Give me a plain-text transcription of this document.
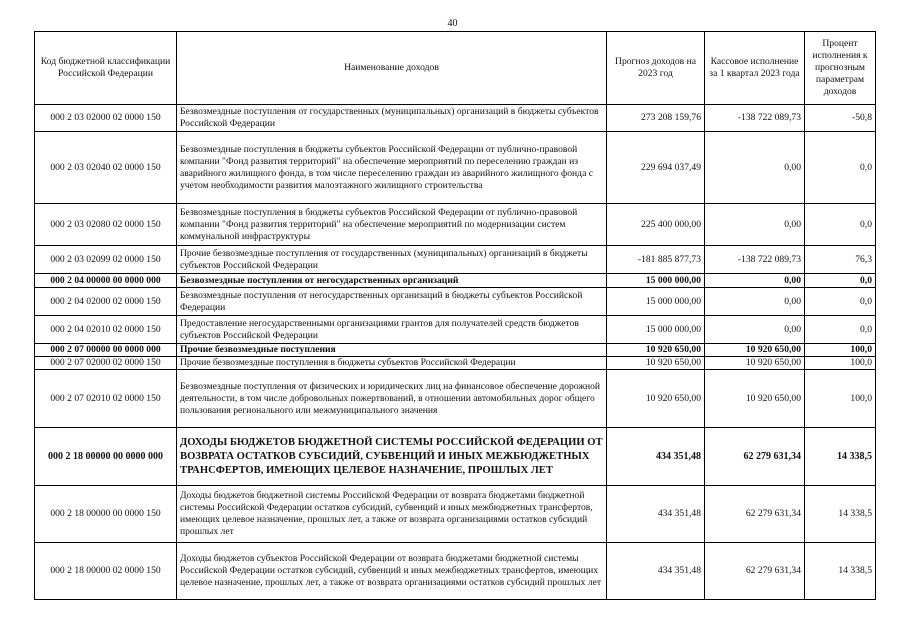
40
Код бюджетной классификации Российской Федерации	Наименование доходов	Прогноз доходов на 2023 год	Кассовое исполнение за 1 квартал 2023 года	Процент исполнения к прогнозным параметрам доходов
000 2 03 02000 02 0000 150	Безвозмездные поступления от государственных (муниципальных) организаций в бюджеты субъектов Российской Федерации	273 208 159,76	-138 722 089,73	-50,8
000 2 03 02040 02 0000 150	Безвозмездные поступления в бюджеты субъектов Российской Федерации от публично-правовой компании "Фонд развития территорий" на обеспечение мероприятий по переселению граждан из аварийного жилищного фонда, в том числе переселению граждан из аварийного жилищного фонда с учетом необходимости развития малоэтажного жилищного строительства	229 694 037,49	0,00	0,0
000 2 03 02080 02 0000 150	Безвозмездные поступления в бюджеты субъектов Российской Федерации от публично-правовой компании "Фонд развития территорий" на обеспечение мероприятий по модернизации систем коммунальной инфраструктуры	225 400 000,00	0,00	0,0
000 2 03 02099 02 0000 150	Прочие безвозмездные поступления от государственных (муниципальных) организаций в бюджеты субъектов Российской Федерации	-181 885 877,73	-138 722 089,73	76,3
000 2 04 00000 00 0000 000	Безвозмездные поступления от негосударственных организаций	15 000 000,00	0,00	0,0
000 2 04 02000 02 0000 150	Безвозмездные поступления от негосударственных организаций в бюджеты субъектов Российской Федерации	15 000 000,00	0,00	0,0
000 2 04 02010 02 0000 150	Предоставление негосударственными организациями грантов для получателей средств бюджетов субъектов Российской Федерации	15 000 000,00	0,00	0,0
000 2 07 00000 00 0000 000	Прочие безвозмездные поступления	10 920 650,00	10 920 650,00	100,0
000 2 07 02000 02 0000 150	Прочие безвозмездные поступления в бюджеты субъектов Российской Федерации	10 920 650,00	10 920 650,00	100,0
000 2 07 02010 02 0000 150	Безвозмездные поступления от физических и юридических лиц на финансовое обеспечение дорожной деятельности, в том числе добровольных пожертвований, в отношении автомобильных дорог общего пользования регионального или межмуниципального значения	10 920 650,00	10 920 650,00	100,0
000 2 18 00000 00 0000 000	ДОХОДЫ БЮДЖЕТОВ БЮДЖЕТНОЙ СИСТЕМЫ РОССИЙСКОЙ ФЕДЕРАЦИИ ОТ ВОЗВРАТА ОСТАТКОВ СУБСИДИЙ, СУБВЕНЦИЙ И ИНЫХ МЕЖБЮДЖЕТНЫХ ТРАНСФЕРТОВ, ИМЕЮЩИХ ЦЕЛЕВОЕ НАЗНАЧЕНИЕ, ПРОШЛЫХ ЛЕТ	434 351,48	62 279 631,34	14 338,5
000 2 18 00000 00 0000 150	Доходы бюджетов бюджетной системы Российской Федерации от возврата бюджетами бюджетной системы Российской Федерации остатков субсидий, субвенций и иных межбюджетных трансфертов, имеющих целевое назначение, прошлых лет, а также от возврата организациями остатков субсидий прошлых лет	434 351,48	62 279 631,34	14 338,5
000 2 18 00000 02 0000 150	Доходы бюджетов субъектов Российской Федерации от возврата бюджетами бюджетной системы Российской Федерации остатков субсидий, субвенций и иных межбюджетных трансфертов, имеющих целевое назначение, прошлых лет, а также от возврата организациями остатков субсидий прошлых лет	434 351,48	62 279 631,34	14 338,5
